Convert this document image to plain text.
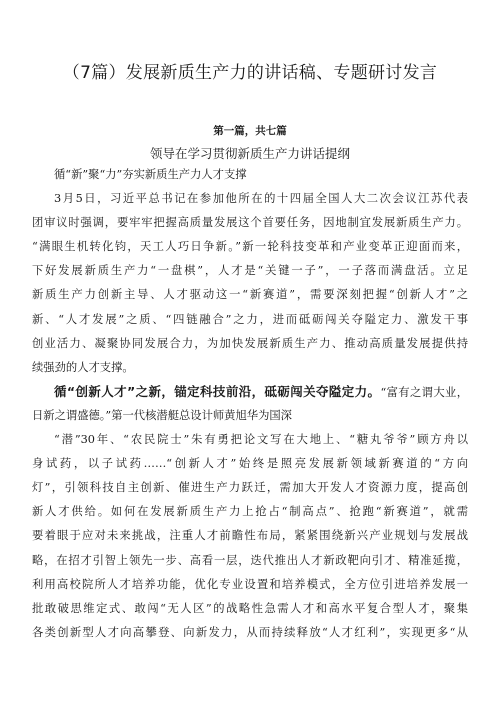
（7篇）发展新质生产力的讲话稿、专题研讨发言
第一篇，共七篇
领导在学习贯彻新质生产力讲话提纲
循“新”聚“力”夯实新质生产力人才支撑
3月5日，习近平总书记在参加他所在的十四届全国人大二次会议江苏代表
团审议时强调，要牢牢把握高质量发展这个首要任务，因地制宜发展新质生产力。
“满眼生机转化钧，天工人巧日争新。”新一轮科技变革和产业变革正迎面而来，
下好发展新质生产力“一盘棋”，人才是“关键一子”，一子落而满盘活。立足
新质生产力创新主导、人才驱动这一“新赛道”，需要深刻把握“创新人才”之
新、“人才发展”之质、“四链融合”之力，进而砥砺闯关夺隘定力、激发干事
创业活力、凝聚协同发展合力，为加快发展新质生产力、推动高质量发展提供持
续强劲的人才支撑。
循“创新人才”之新，锚定科技前沿，砥砺闯关夺隘定力。“富有之谓大业，
日新之谓盛德。”第一代核潜艇总设计师黄旭华为国深
“潜”30年、“农民院士”朱有勇把论文写在大地上、“糖丸爷爷”顾方舟以
身试药，以子试药……“创新人才”始终是照亮发展新领域新赛道的“方向
灯”，引领科技自主创新、催进生产力跃迁，需加大开发人才资源力度，提高创
新人才供给。如何在发展新质生产力上抢占“制高点”、抢跑“新赛道”，就需
要着眼于应对未来挑战，注重人才前瞻性布局，紧紧围绕新兴产业规划与发展战
略，在招才引智上领先一步、高看一层，迭代推出人才新政靶向引才、精准延揽，
利用高校院所人才培养功能，优化专业设置和培养模式，全方位引进培养发展一
批敢破思维定式、敢闯“无人区”的战略性急需人才和高水平复合型人才，聚集
各类创新型人才向高攀登、向新发力，从而持续释放“人才红利”，实现更多“从
